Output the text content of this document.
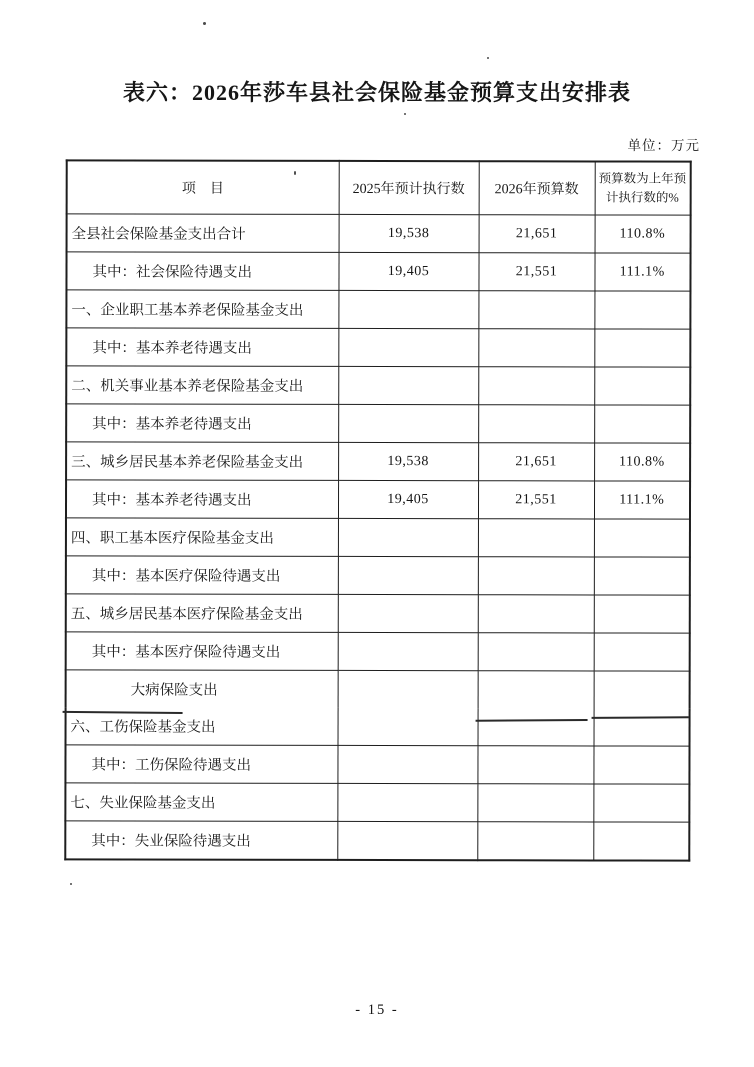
表六：2026年莎车县社会保险基金预算支出安排表
单位：万元
项　目	2025年预计执行数	2026年预算数	预算数为上年预计执行数的%
全县社会保险基金支出合计	19,538	21,651	110.8%
其中：社会保险待遇支出	19,405	21,551	111.1%
一、企业职工基本养老保险基金支出			
其中：基本养老待遇支出			
二、机关事业基本养老保险基金支出			
其中：基本养老待遇支出			
三、城乡居民基本养老保险基金支出	19,538	21,651	110.8%
其中：基本养老待遇支出	19,405	21,551	111.1%
四、职工基本医疗保险基金支出			
其中：基本医疗保险待遇支出			
五、城乡居民基本医疗保险基金支出			
其中：基本医疗保险待遇支出			
大病保险支出			
六、工伤保险基金支出			
其中：工伤保险待遇支出			
七、失业保险基金支出			
其中：失业保险待遇支出			
- 15 -
